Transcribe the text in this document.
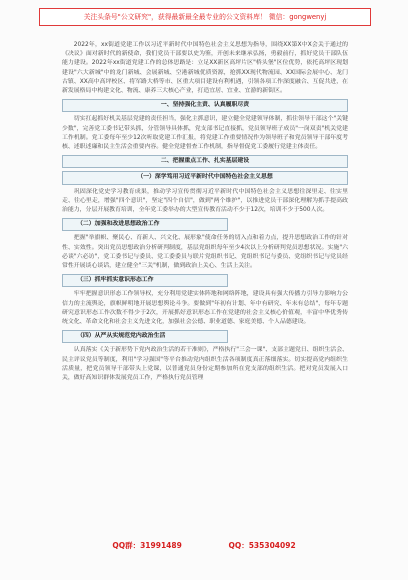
关注头条号"公文研究"，获得最新最全最专业的公文资料库！ 微信：gongwenyj

2022年，xx街道党建工作以习近平新时代中国特色社会主义思想为指导，围绕XX第X中X会关于通过的《决议》面对新时代的新使命，我们党员干部要以史为鉴，开创未来继承弘扬，勇毅前行，抓好党员干部队伍能力建设。2022年xx街道党建工作的总体思路是：立足XX新区高坪片区"桥头堡"区位优势，依托高坪区现划建设"六大新城"中的龙门新城、会展新城、空港新城优质资源，抢抓XX现代物流园、XX国际会展中心、龙门古镇、XX高中高坪校区、将军路大桥等市、区重大项目建设有利机遇，引领各项工作深度融合、互促共进，在新发展格局中构建文化、物流、康养三大核心产业，打造宜居、宜业、宜游的新街区。

一、坚持强化主责、认真履职尽责

切实扛起抓好机关基层党建的责任担当，强化主抓意识，建立健全党建领导体制，抓住领导干部这个"关键少数"，完善党工委书记带头抓，分管领导具体抓，党支部书记直接抓，党员领导班子成员"一岗双责"机关党建工作机制。党工委每年至少12次听取党建工作汇报，将党建工作重要情况作为领导班子和党员领导干部年度考核、述职述廉和民主生活会重要内容。健全党建督查工作机制，指导督促党工委履行党建主体责任。

二、把握重点工作、扎实基层建设
（一）深学笃用习近平新时代中国特色社会主义思想

巩固深化党史学习教育成果，推动学习宣传贯彻习近平新时代中国特色社会主义思想往深里走、往实里走、往心里走，增强"四个意识"，坚定"四个自信"，做到"两个维护"，以推进党员干部深化理解为抓手提高政治能力，分层开展教育培训，全年党工委举办的大型宣传教育活动不少于12次，培训不少于500人次。

（二）加强和改进思想政治工作

把握"举旗帜、聚民心、育新人、兴文化、展形象"使命任务的切入点和着力点，提升思想政治工作的针对性、实效性。突出党员思想政治分析研判制度，基层党组织每年至少4次以上分析研判党员思想状况。实施"六必谈"六必访"，党工委书记与委员、党工委委员与联片党组织书记、党组织书记与委员、党组织书记与党员经常性开展谈心谈话，建立健全"三关"机制，做到政治上关心、生活上关注。

（三）抓牢抓实意识形态工作

牢牢把握意识形态工作领导权，充分利用党建实体阵地和网络阵地，建设具有强大传播力引导力影响力公信力的主流舆论，旗帜鲜明地开展思想舆论斗争。要做到"年初有计划、年中有研究、年末有总结"，每年专题研究意识形态工作次数不得少于2次，开展抓好意识形态工作在党建的社会主义核心价值观，丰富中华优秀传统文化、革命文化和社会主义先进文化，加强社会公德、职业道德、家庭美德、个人品德建设。

（四）从严从实规范党内政治生活

认真落实《关于新形势下党内政治生活的若干准则》，严格执行"三会一课"、支部主题党日、组织生活会、民主评议党员等制度，利用"学习强国"等平台推动党内组织生活各项制度真正落细落实。切实提高党内组织生活质量，把党员领导干部带头上党课，以普通党员身份定期参加所在党支部的组织生活。把对党员发展入口关，做好高知识群体发展党员工作，严格执行党员管理

QQ群：31991489	QQ：535304092
